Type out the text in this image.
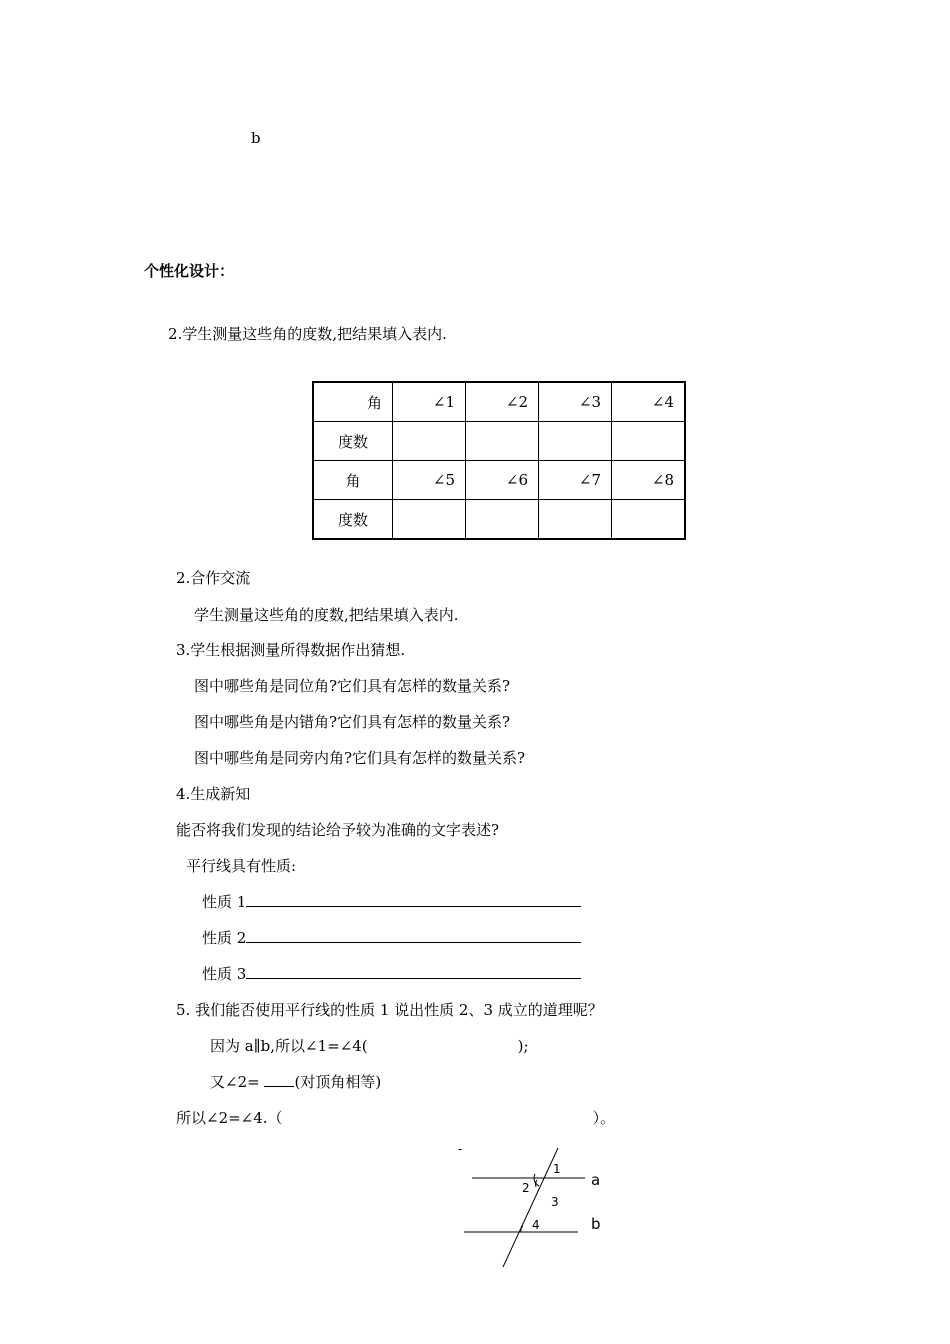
b
个性化设计：
2.学生测量这些角的度数,把结果填入表内.
角	∠1	∠2	∠3	∠4
度数				
角	∠5	∠6	∠7	∠8
度数				
2.合作交流
学生测量这些角的度数,把结果填入表内.
3.学生根据测量所得数据作出猜想.
图中哪些角是同位角?它们具有怎样的数量关系?
图中哪些角是内错角?它们具有怎样的数量关系?
图中哪些角是同旁内角?它们具有怎样的数量关系?
4.生成新知
能否将我们发现的结论给予较为准确的文字表述?
平行线具有性质:
性质 1
性质 2
性质 3
5. 我们能否使用平行线的性质 1 说出性质 2、3 成立的道理呢？
因为 a∥b,所以∠1=∠4(	);
又∠2= (对顶角相等)
所以∠2=∠4.（	）。
-
1
2
3
4
a
b
